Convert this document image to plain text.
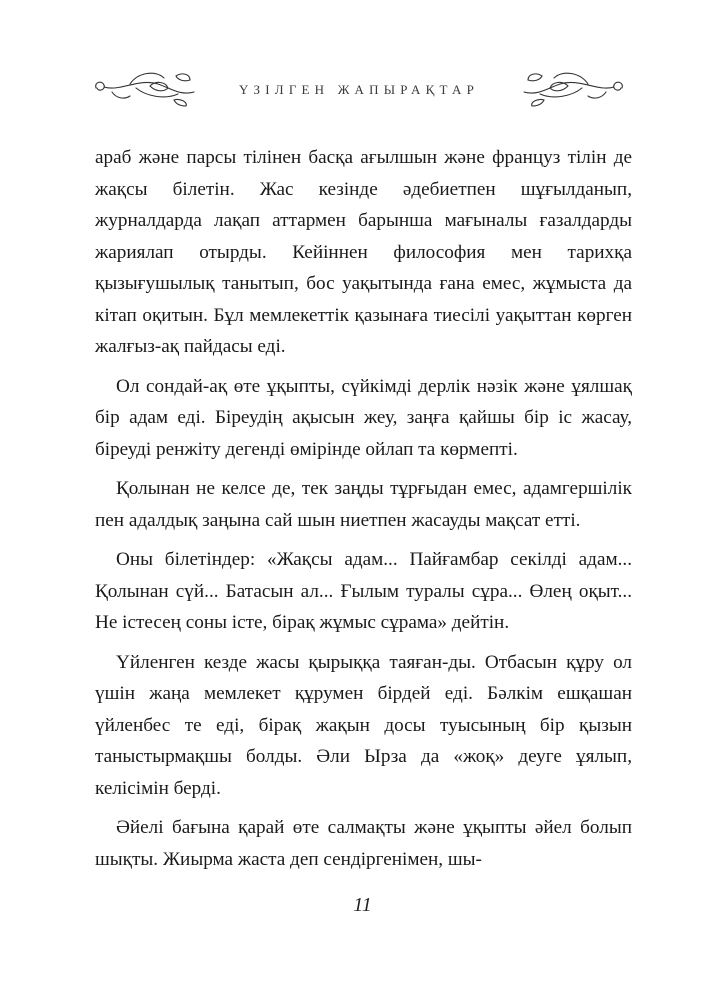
ҮЗІЛГЕН ЖАПЫРАҚТАР

араб және парсы тілінен басқа ағылшын және француз тілін де жақсы білетін. Жас кезінде әдебиетпен шұғылданып, журналдарда лақап аттармен барынша мағыналы ғазалдарды жариялап отырды. Кейіннен философия мен тарихқа қызығушылық танытып, бос уақытында ғана емес, жұмыста да кітап оқитын. Бұл мемлекеттік қазынаға тиесілі уақыттан көрген жалғыз-ақ пайдасы еді.

Ол сондай-ақ өте ұқыпты, сүйкімді дерлік нәзік және ұялшақ бір адам еді. Біреудің ақысын жеу, заңға қайшы бір іс жасау, біреуді ренжіту дегенді өмірінде ойлап та көрмепті.

Қолынан не келсе де, тек заңды тұрғыдан емес, адамгершілік пен адалдық заңына сай шын ниетпен жасауды мақсат етті.

Оны білетіндер: «Жақсы адам... Пайғамбар секілді адам... Қолынан сүй... Батасын ал... Ғылым туралы сұра... Өлең оқыт... Не істесең соны істе, бірақ жұмыс сұрама» дейтін.

Үйленген кезде жасы қырыққа таяған-ды. Отбасын құру ол үшін жаңа мемлекет құрумен бірдей еді. Бәлкім ешқашан үйленбес те еді, бірақ жақын досы туысының бір қызын таныстырмақшы болды. Әли Ырза да «жоқ» деуге ұялып, келісімін берді.

Әйелі бағына қарай өте салмақты және ұқыпты әйел болып шықты. Жиырма жаста деп сендіргенімен, шы-

11
